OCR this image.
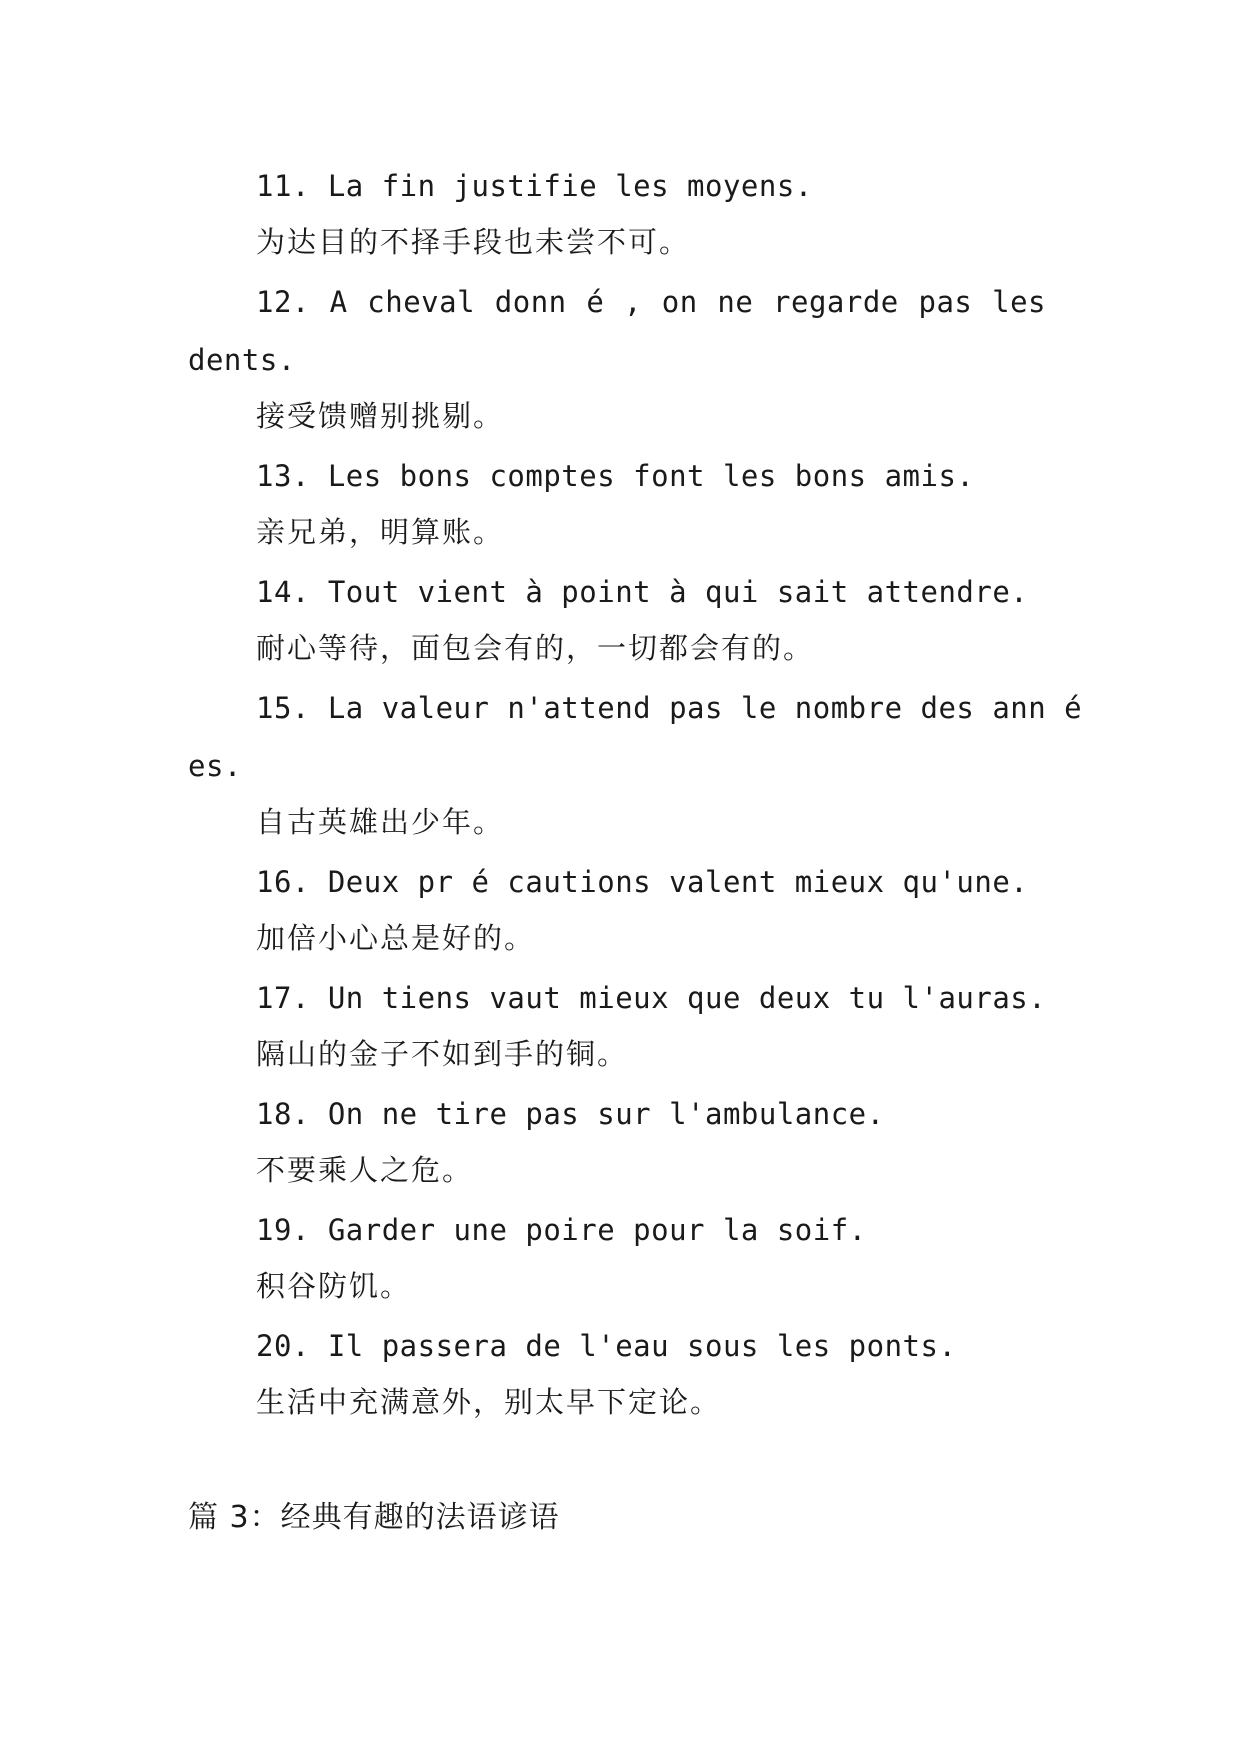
11. La fin justifie les moyens.
为达目的不择手段也未尝不可。
12. A cheval donn é , on ne regarde pas les
dents.
接受馈赠别挑剔。
13. Les bons comptes font les bons amis.
亲兄弟，明算账。
14. Tout vient à point à qui sait attendre.
耐心等待，面包会有的，一切都会有的。
15. La valeur n'attend pas le nombre des ann é
es.
自古英雄出少年。
16. Deux pr é cautions valent mieux qu'une.
加倍小心总是好的。
17. Un tiens vaut mieux que deux tu l'auras.
隔山的金子不如到手的铜。
18. On ne tire pas sur l'ambulance.
不要乘人之危。
19. Garder une poire pour la soif.
积谷防饥。
20. Il passera de l'eau sous les ponts.
生活中充满意外，别太早下定论。
篇 3：经典有趣的法语谚语
